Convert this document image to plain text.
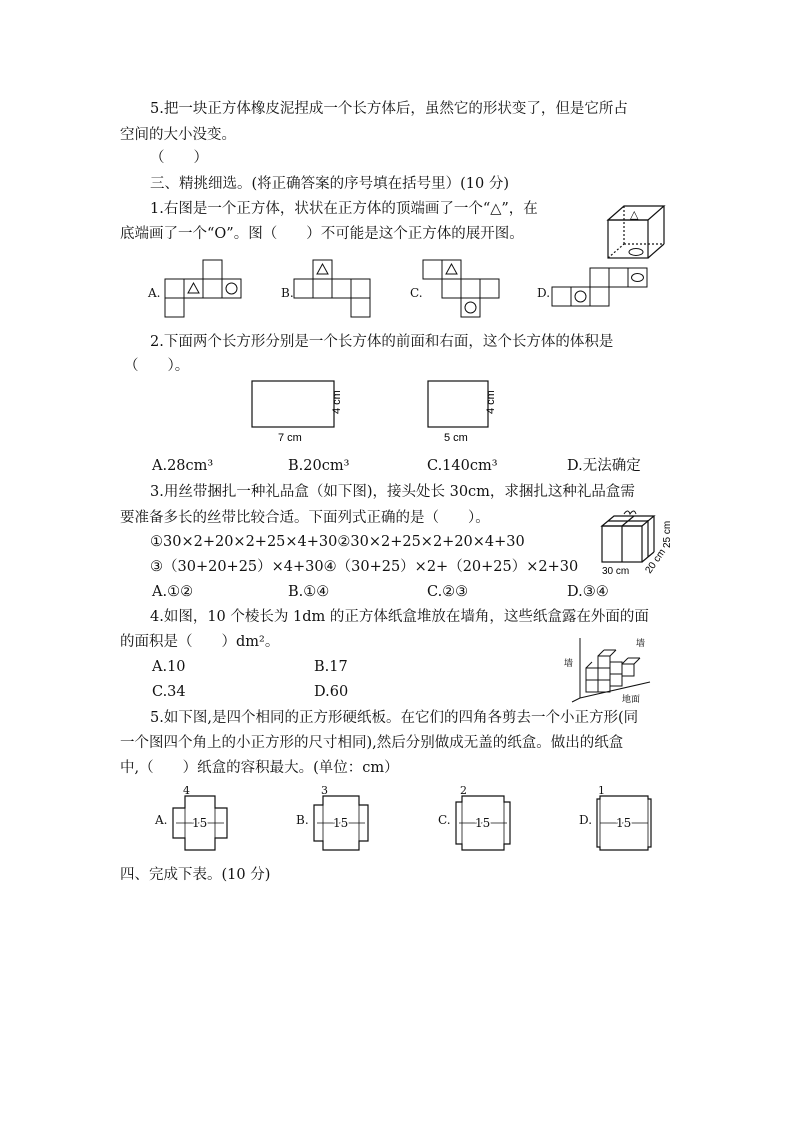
5.把一块正方体橡皮泥捏成一个长方体后，虽然它的形状变了，但是它所占
空间的大小没变。
（　　）
三、精挑细选。(将正确答案的序号填在括号里）(10 分)
1.右图是一个正方体，状状在正方体的顶端画了一个“△”，在
底端画了一个“O”。图（　　）不可能是这个正方体的展开图。
△
A.	B.	C.	D.
2.下面两个长方形分别是一个长方体的前面和右面，这个长方体的体积是
（　　）。
7 cm
4 cm
5 cm
4 cm
A.28cm³	B.20cm³	C.140cm³	D.无法确定
3.用丝带捆扎一种礼品盒（如下图)，接头处长 30cm，求捆扎这种礼品盒需
要准备多长的丝带比较合适。下面列式正确的是（　　）。
①30×2+20×2+25×4+30②30×2+25×2+20×4+30
③（30+20+25）×4+30④（30+25）×2+（20+25）×2+30 30 cm 20 cm
25 cm
A.①②	B.①④	C.②③	D.③④
4.如图，10 个棱长为 1dm 的正方体纸盒堆放在墙角，这些纸盒露在外面的面
的面积是（　　）dm²。
A.10	B.17
C.34	D.60
墙
墙
地面
5.如下图,是四个相同的正方形硬纸板。在它们的四角各剪去一个小正方形(同
一个图四个角上的小正方形的尺寸相同),然后分别做成无盖的纸盒。做出的纸盒
中,（　　）纸盒的容积最大。(单位：cm）
A. 15
4
B. 15
3
C. 15
2
D. 15
1
四、完成下表。(10 分)
